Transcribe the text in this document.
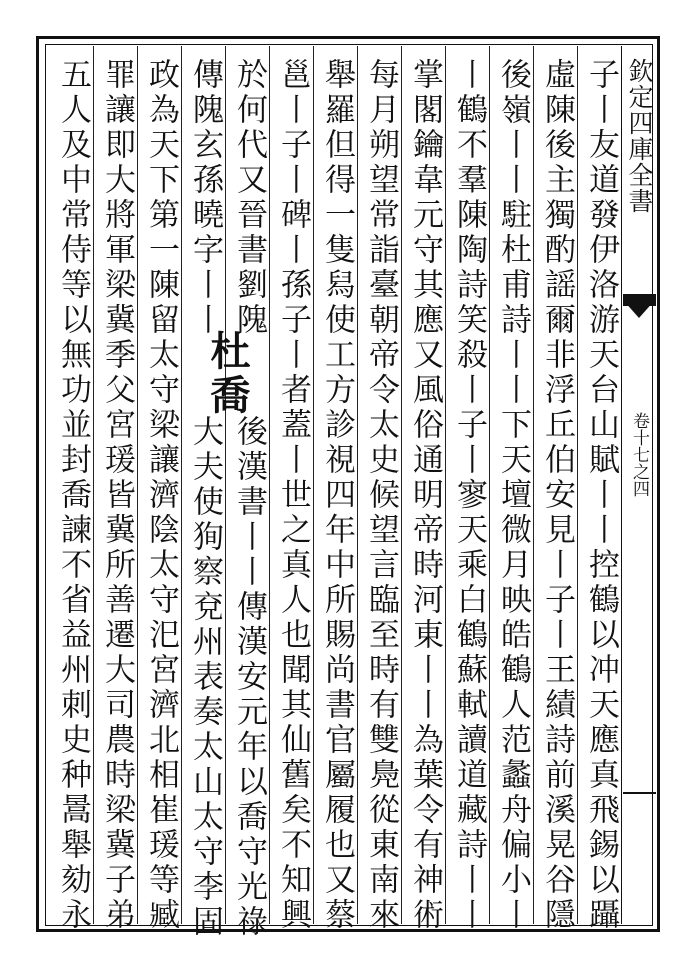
欽定四庫全書
卷十七之四
子丨友道發伊洛游天台山賦丨丨控鶴以冲天應真飛錫以躡
虛陳後主獨酌謡爾非浮丘伯安見丨子丨王績詩前溪晃谷隱
後嶺丨丨駐杜甫詩丨丨下天壇微月映皓鶴人范蠡舟偏小丨
丨鶴不羣陳陶詩笑殺丨子丨寥天乘白鶴蘇軾讀道藏詩丨丨
掌閣鑰韋元守其應又風俗通明帝時河東丨丨為葉令有神術
每月朔望常詣臺朝帝令太史候望言臨至時有雙鳧從東南來
舉羅但得一隻舄使工方診視四年中所賜尚書官屬履也又蔡
邕丨子丨碑丨孫子丨者蓋丨世之真人也聞其仙舊矣不知興
於何代又晉書劉隗
傳隗玄孫曉字丨丨
杜喬
後漢書丨丨傳漢安元年以喬守光祿
大夫使狥察兗州表奏太山太守李固
政為天下第一陳留太守梁讓濟陰太守汜宮濟北相崔瑗等臧
罪讓即大將軍梁冀季父宮瑗皆冀所善遷大司農時梁冀子弟
五人及中常侍等以無功並封喬諫不省益州刺史种暠舉劾永
